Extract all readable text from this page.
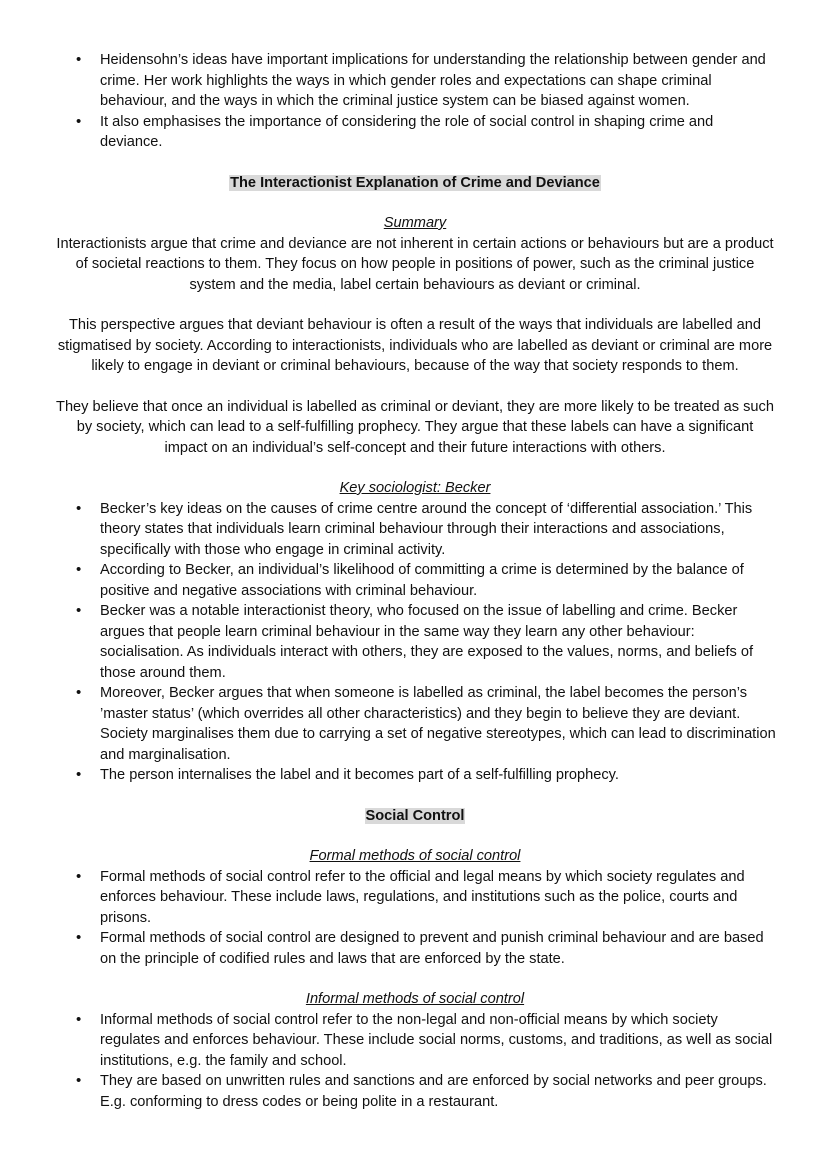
• Heidensohn’s ideas have important implications for understanding the relationship between gender and crime. Her work highlights the ways in which gender roles and expectations can shape criminal behaviour, and the ways in which the criminal justice system can be biased against women.
• It also emphasises the importance of considering the role of social control in shaping crime and deviance.

The Interactionist Explanation of Crime and Deviance

Summary

Interactionists argue that crime and deviance are not inherent in certain actions or behaviours but are a product of societal reactions to them. They focus on how people in positions of power, such as the criminal justice system and the media, label certain behaviours as deviant or criminal.

This perspective argues that deviant behaviour is often a result of the ways that individuals are labelled and stigmatised by society. According to interactionists, individuals who are labelled as deviant or criminal are more likely to engage in deviant or criminal behaviours, because of the way that society responds to them.

They believe that once an individual is labelled as criminal or deviant, they are more likely to be treated as such by society, which can lead to a self-fulfilling prophecy. They argue that these labels can have a significant impact on an individual’s self-concept and their future interactions with others.

Key sociologist: Becker

• Becker’s key ideas on the causes of crime centre around the concept of ‘differential association.’ This theory states that individuals learn criminal behaviour through their interactions and associations, specifically with those who engage in criminal activity.
• According to Becker, an individual’s likelihood of committing a crime is determined by the balance of positive and negative associations with criminal behaviour.
• Becker was a notable interactionist theory, who focused on the issue of labelling and crime. Becker argues that people learn criminal behaviour in the same way they learn any other behaviour: socialisation. As individuals interact with others, they are exposed to the values, norms, and beliefs of those around them.
• Moreover, Becker argues that when someone is labelled as criminal, the label becomes the person’s ’master status’ (which overrides all other characteristics) and they begin to believe they are deviant. Society marginalises them due to carrying a set of negative stereotypes, which can lead to discrimination and marginalisation.
• The person internalises the label and it becomes part of a self-fulfilling prophecy.

Social Control

Formal methods of social control

• Formal methods of social control refer to the official and legal means by which society regulates and enforces behaviour. These include laws, regulations, and institutions such as the police, courts and prisons.
• Formal methods of social control are designed to prevent and punish criminal behaviour and are based on the principle of codified rules and laws that are enforced by the state.

Informal methods of social control

• Informal methods of social control refer to the non-legal and non-official means by which society regulates and enforces behaviour. These include social norms, customs, and traditions, as well as social institutions, e.g. the family and school.
• They are based on unwritten rules and sanctions and are enforced by social networks and peer groups. E.g. conforming to dress codes or being polite in a restaurant.
